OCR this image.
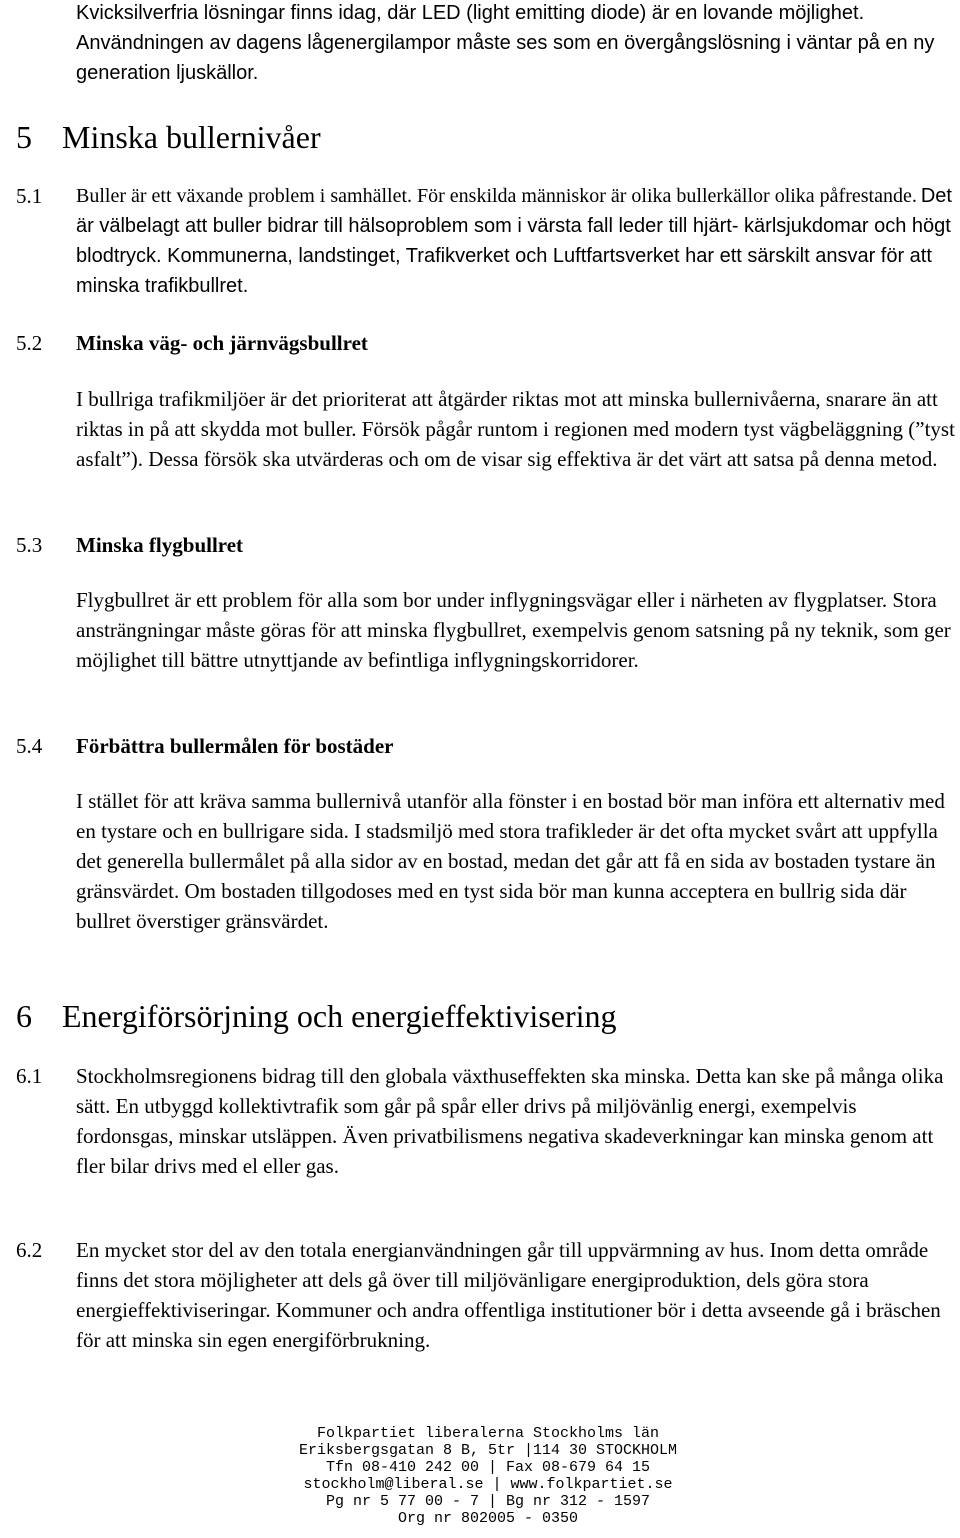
Kvicksilverfria lösningar finns idag, där LED (light emitting diode) är en lovande möjlighet. Användningen av dagens lågenergilampor måste ses som en övergångslösning i väntar på en ny generation ljuskällor.
5 Minska bullernivåer
5.1 Buller är ett växande problem i samhället. För enskilda människor är olika bullerkällor olika påfrestande. Det är välbelagt att buller bidrar till hälsoproblem som i värsta fall leder till hjärt- kärlsjukdomar och högt blodtryck. Kommunerna, landstinget, Trafikverket och Luftfartsverket har ett särskilt ansvar för att minska trafikbullret.
5.2 Minska väg- och järnvägsbullret
I bullriga trafikmiljöer är det prioriterat att åtgärder riktas mot att minska bullernivåerna, snarare än att riktas in på att skydda mot buller. Försök pågår runtom i regionen med modern tyst vägbeläggning (”tyst asfalt”). Dessa försök ska utvärderas och om de visar sig effektiva är det värt att satsa på denna metod.
5.3 Minska flygbullret
Flygbullret är ett problem för alla som bor under inflygningsvägar eller i närheten av flygplatser. Stora ansträngningar måste göras för att minska flygbullret, exempelvis genom satsning på ny teknik, som ger möjlighet till bättre utnyttjande av befintliga inflygningskorridorer.
5.4 Förbättra bullermålen för bostäder
I stället för att kräva samma bullernivå utanför alla fönster i en bostad bör man införa ett alternativ med en tystare och en bullrigare sida. I stadsmiljö med stora trafikleder är det ofta mycket svårt att uppfylla det generella bullermålet på alla sidor av en bostad, medan det går att få en sida av bostaden tystare än gränsvärdet. Om bostaden tillgodoses med en tyst sida bör man kunna acceptera en bullrig sida där bullret överstiger gränsvärdet.
6 Energiförsörjning och energieffektivisering
6.1 Stockholmsregionens bidrag till den globala växthuseffekten ska minska. Detta kan ske på många olika sätt. En utbyggd kollektivtrafik som går på spår eller drivs på miljövänlig energi, exempelvis fordonsgas, minskar utsläppen. Även privatbilismens negativa skadeverkningar kan minska genom att fler bilar drivs med el eller gas.
6.2 En mycket stor del av den totala energianvändningen går till uppvärmning av hus. Inom detta område finns det stora möjligheter att dels gå över till miljövänligare energiproduktion, dels göra stora energieffektiviseringar. Kommuner och andra offentliga institutioner bör i detta avseende gå i bräschen för att minska sin egen energiförbrukning.
Folkpartiet liberalerna Stockholms län
Eriksbergsgatan 8 B, 5tr |114 30 STOCKHOLM
Tfn 08-410 242 00 | Fax 08-679 64 15
stockholm@liberal.se | www.folkpartiet.se
Pg nr 5 77 00 - 7 | Bg nr 312 - 1597
Org nr 802005 - 0350
